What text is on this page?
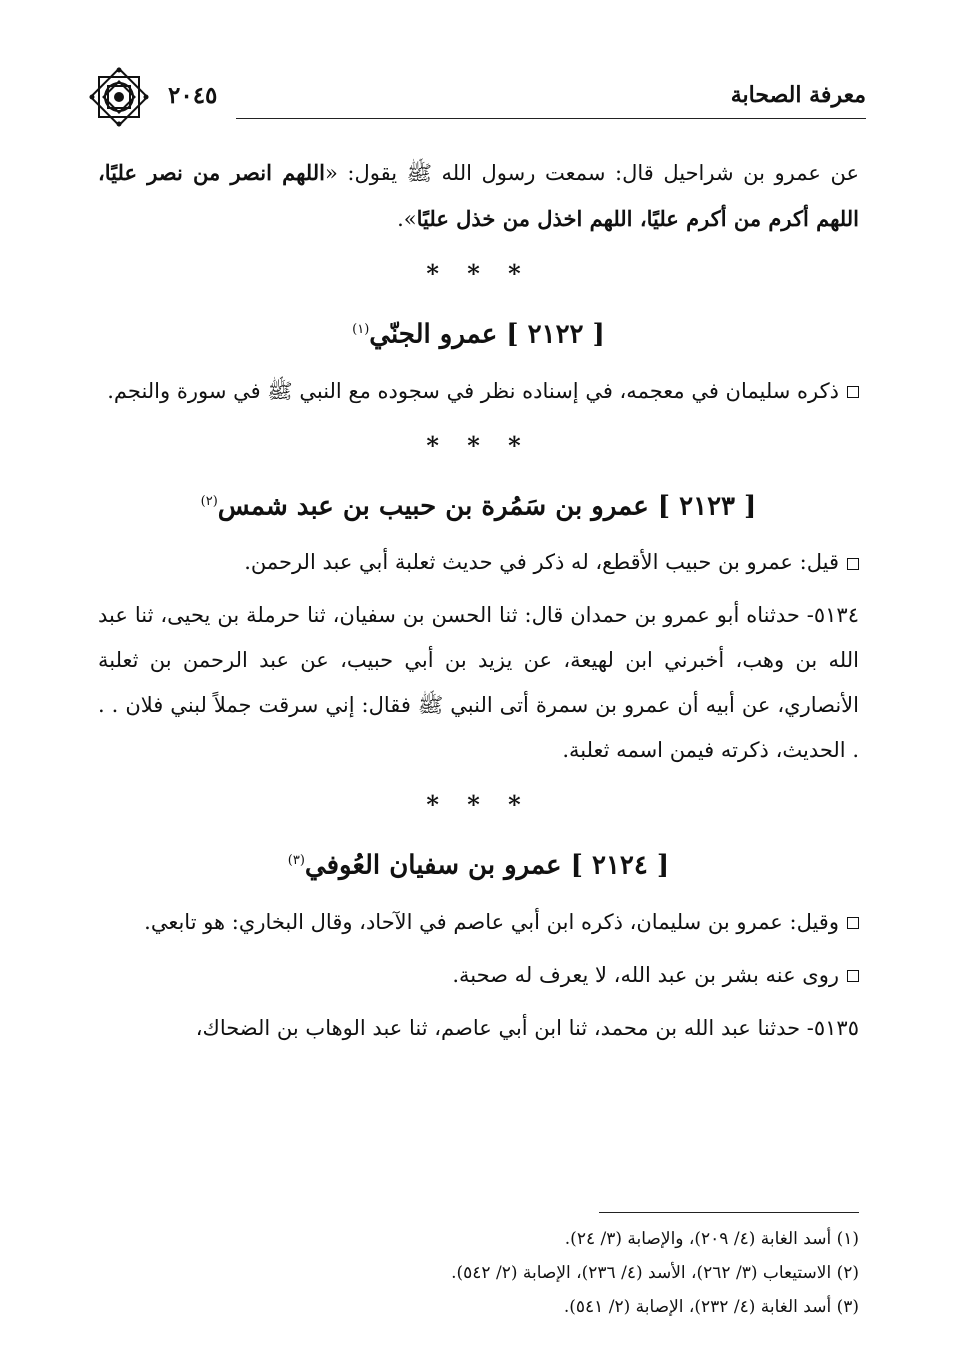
٢٠٤٥	معرفة الصحابة

عن عمرو بن شراحيل قال: سمعت رسول الله ﷺ يقول: «اللهم انصر من نصر عليًا، اللهم أكرم من أكرم عليًا، اللهم اخذل من خذل عليًا».

* * *
[ ٢١٢٢ ] عمرو الجنّي$^{(١)}$

ذكره سليمان في معجمه، في إسناده نظر في سجوده مع النبي ﷺ في سورة والنجم.

* * *
[ ٢١٢٣ ] عمرو بن سَمُرة بن حبيب بن عبد شمس$^{(٢)}$

قيل: عمرو بن حبيب الأقطع، له ذكر في حديث ثعلبة أبي عبد الرحمن.

٥١٣٤- حدثناه أبو عمرو بن حمدان قال: ثنا الحسن بن سفيان، ثنا حرملة بن يحيى، ثنا عبد الله بن وهب، أخبرني ابن لهيعة، عن يزيد بن أبي حبيب، عن عبد الرحمن بن ثعلبة الأنصاري، عن أبيه أن عمرو بن سمرة أتى النبي ﷺ فقال: إني سرقت جملاً لبني فلان . . . الحديث، ذكرته فيمن اسمه ثعلبة.

* * *
[ ٢١٢٤ ] عمرو بن سفيان العُوفي$^{(٣)}$

وقيل: عمرو بن سليمان، ذكره ابن أبي عاصم في الآحاد، وقال البخاري: هو تابعي.

روى عنه بشر بن عبد الله، لا يعرف له صحبة.

٥١٣٥- حدثنا عبد الله بن محمد، ثنا ابن أبي عاصم، ثنا عبد الوهاب بن الضحاك،

(١) أسد الغابة (٤/ ٢٠٩)، والإصابة (٣/ ٢٤).
(٢) الاستيعاب (٣/ ٢٦٢)، الأسد (٤/ ٢٣٦)، الإصابة (٢/ ٥٤٢).
(٣) أسد الغابة (٤/ ٢٣٢)، الإصابة (٢/ ٥٤١).
